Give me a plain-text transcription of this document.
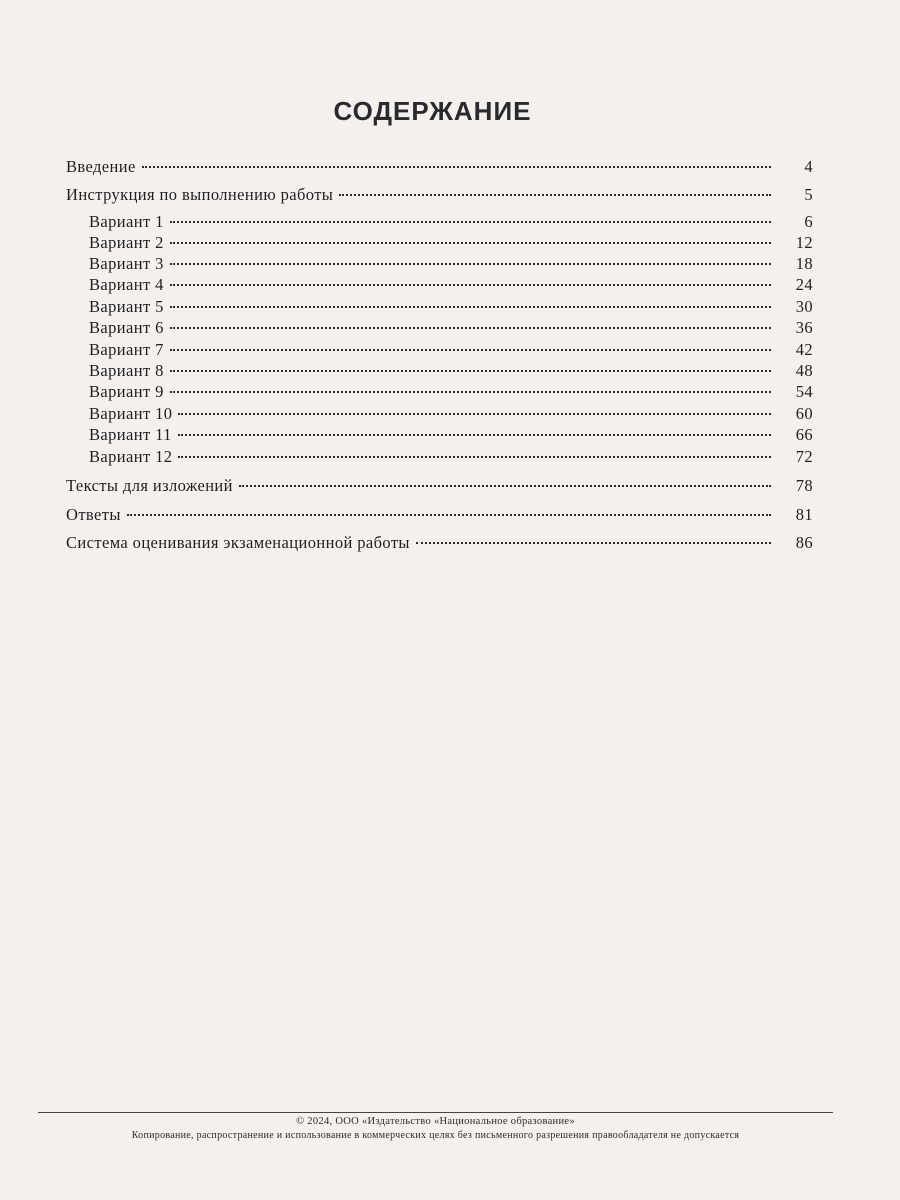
СОДЕРЖАНИЕ
Введение	4
Инструкция по выполнению работы	5
Вариант 1	6
Вариант 2	12
Вариант 3	18
Вариант 4	24
Вариант 5	30
Вариант 6	36
Вариант 7	42
Вариант 8	48
Вариант 9	54
Вариант 10	60
Вариант 11	66
Вариант 12	72
Тексты для изложений	78
Ответы	81
Система оценивания экзаменационной работы	86
© 2024, ООО «Издательство «Национальное образование»
Копирование, распространение и использование в коммерческих целях без письменного разрешения правообладателя не допускается
